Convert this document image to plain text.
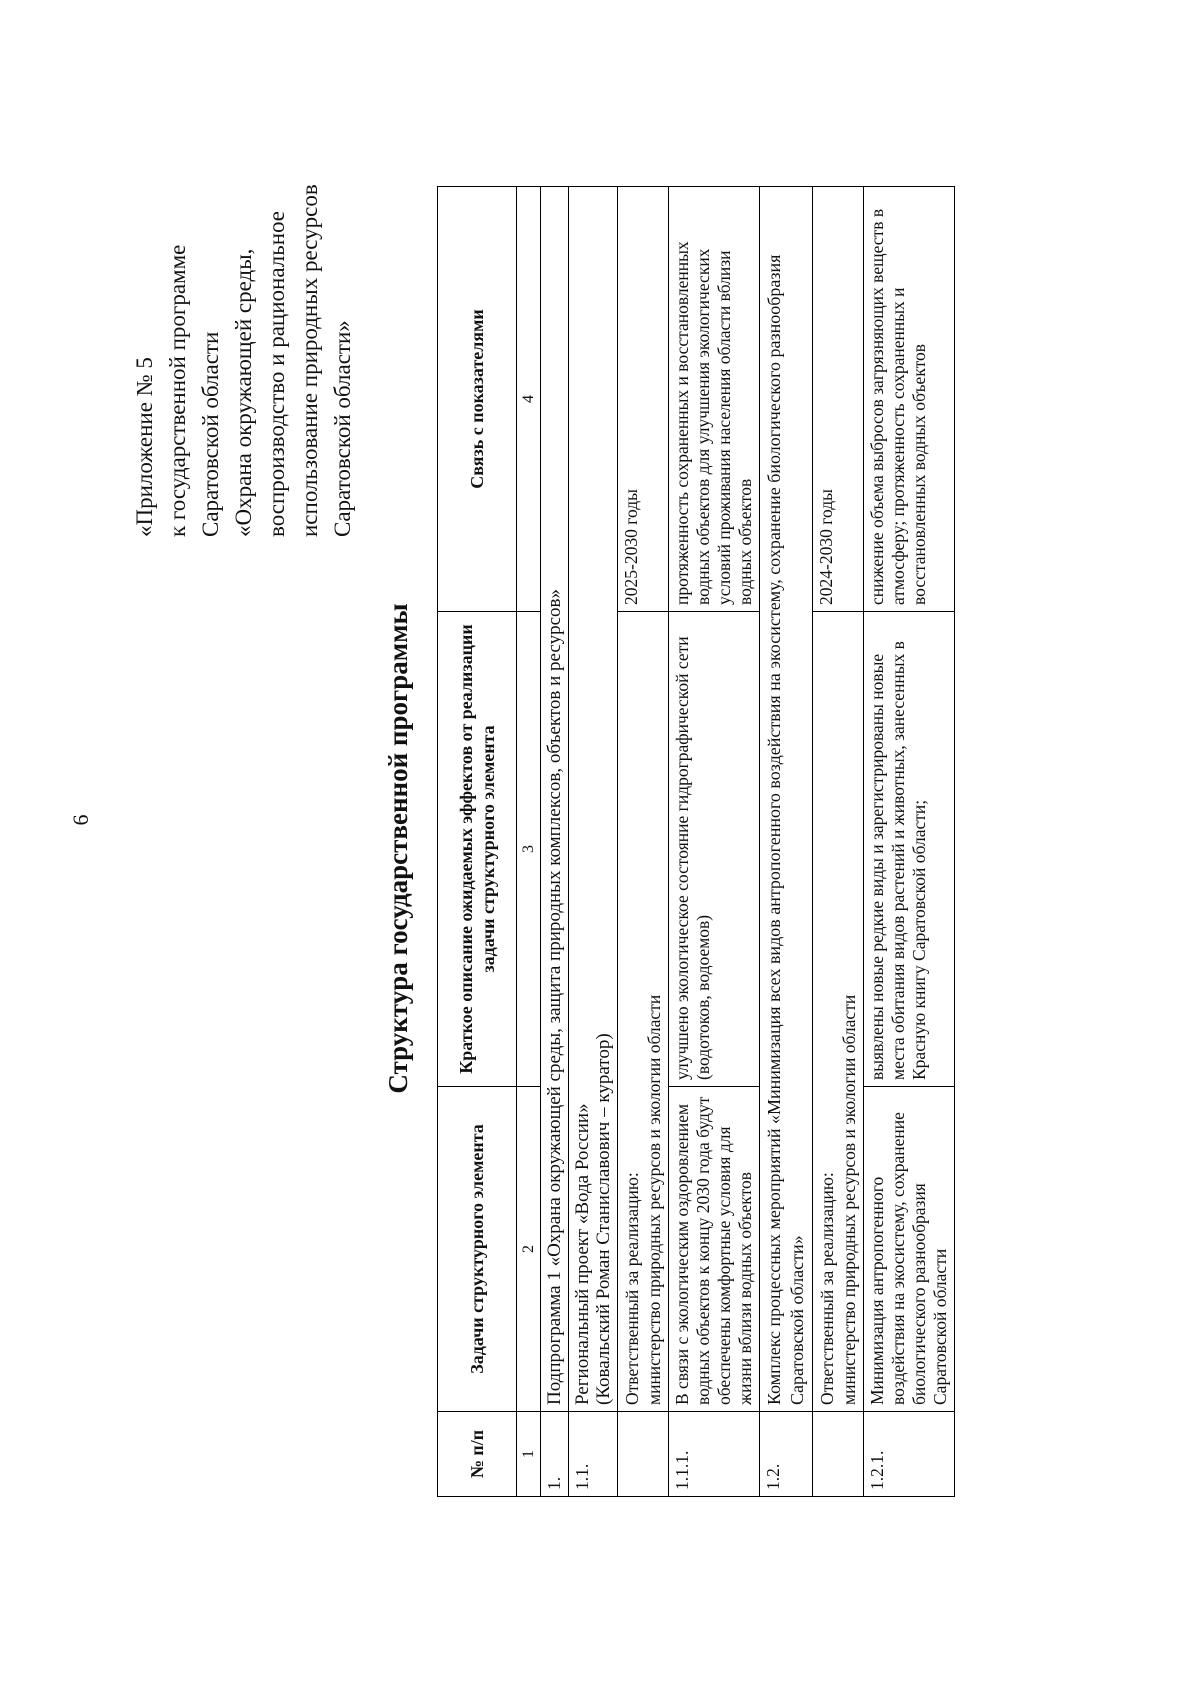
6
«Приложение № 5 к государственной программе Саратовской области «Охрана окружающей среды, воспроизводство и рациональное использование природных ресурсов Саратовской области»
Структура государственной программы
№ п/п	Задачи структурного элемента	Краткое описание ожидаемых эффектов от реализации задачи структурного элемента	Связь с показателями
1	2	3	4
1.	Подпрограмма 1 «Охрана окружающей среды, защита природных комплексов, объектов и ресурсов»		
1.1.	Региональный проект «Вода России» (Ковальский Роман Станиславович – куратор)		

	Ответственный за реализацию: министерство природных ресурсов и экологии области		2025-2030 годы
1.1.1.	В связи с экологическим оздоровлением водных объектов к концу 2030 года будут обеспечены комфортные условия для жизни вблизи водных объектов	улучшено экологическое состояние гидрографической сети (водотоков, водоемов)	протяженность сохраненных и восстановленных водных объектов для улучшения экологических условий проживания населения области вблизи водных объектов
1.2.	Комплекс процессных мероприятий «Минимизация всех видов антропогенного воздействия на экосистему, сохранение биологического разнообразия Саратовской области»		

	Ответственный за реализацию: министерство природных ресурсов и экологии области		2024-2030 годы
1.2.1.	Минимизация антропогенного воздействия на экосистему, сохранение биологического разнообразия Саратовской области	выявлены новые редкие виды и зарегистрированы новые места обитания видов растений и животных, занесенных в Красную книгу Саратовской области;	снижение объема выбросов загрязняющих веществ в атмосферу; протяженность сохраненных и восстановленных водных объектов
